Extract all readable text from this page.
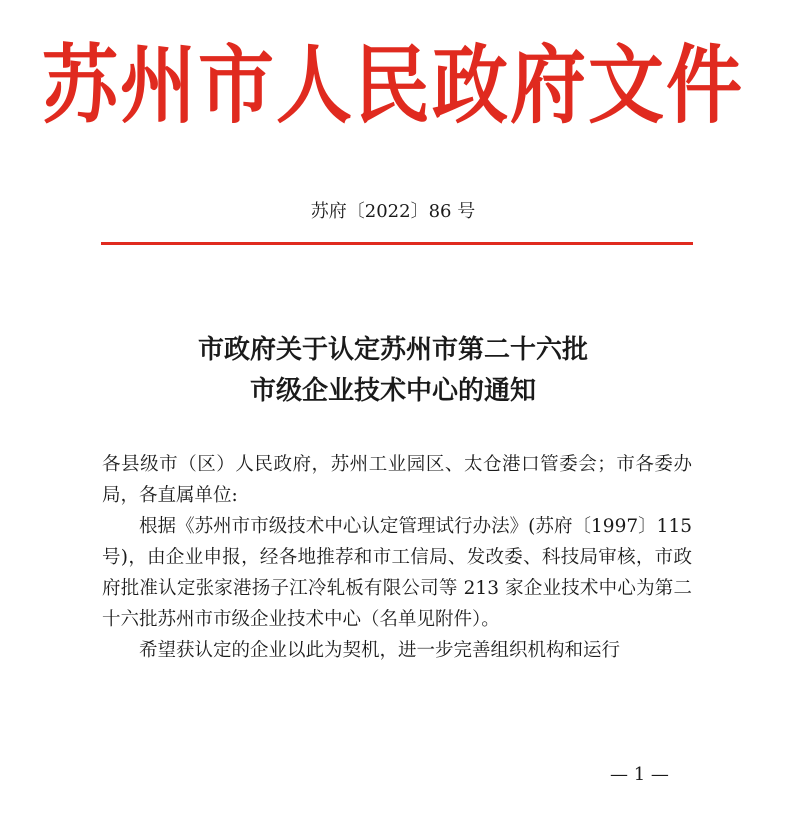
苏州市人民政府文件
苏府〔2022〕86 号
市政府关于认定苏州市第二十六批
市级企业技术中心的通知

各县级市（区）人民政府，苏州工业园区、太仓港口管委会；市各委办局，各直属单位:

根据《苏州市市级技术中心认定管理试行办法》(苏府〔1997〕115 号)，由企业申报，经各地推荐和市工信局、发改委、科技局审核，市政府批准认定张家港扬子江冷轧板有限公司等 213 家企业技术中心为第二十六批苏州市市级企业技术中心（名单见附件）。

希望获认定的企业以此为契机，进一步完善组织机构和运行

— 1 —
